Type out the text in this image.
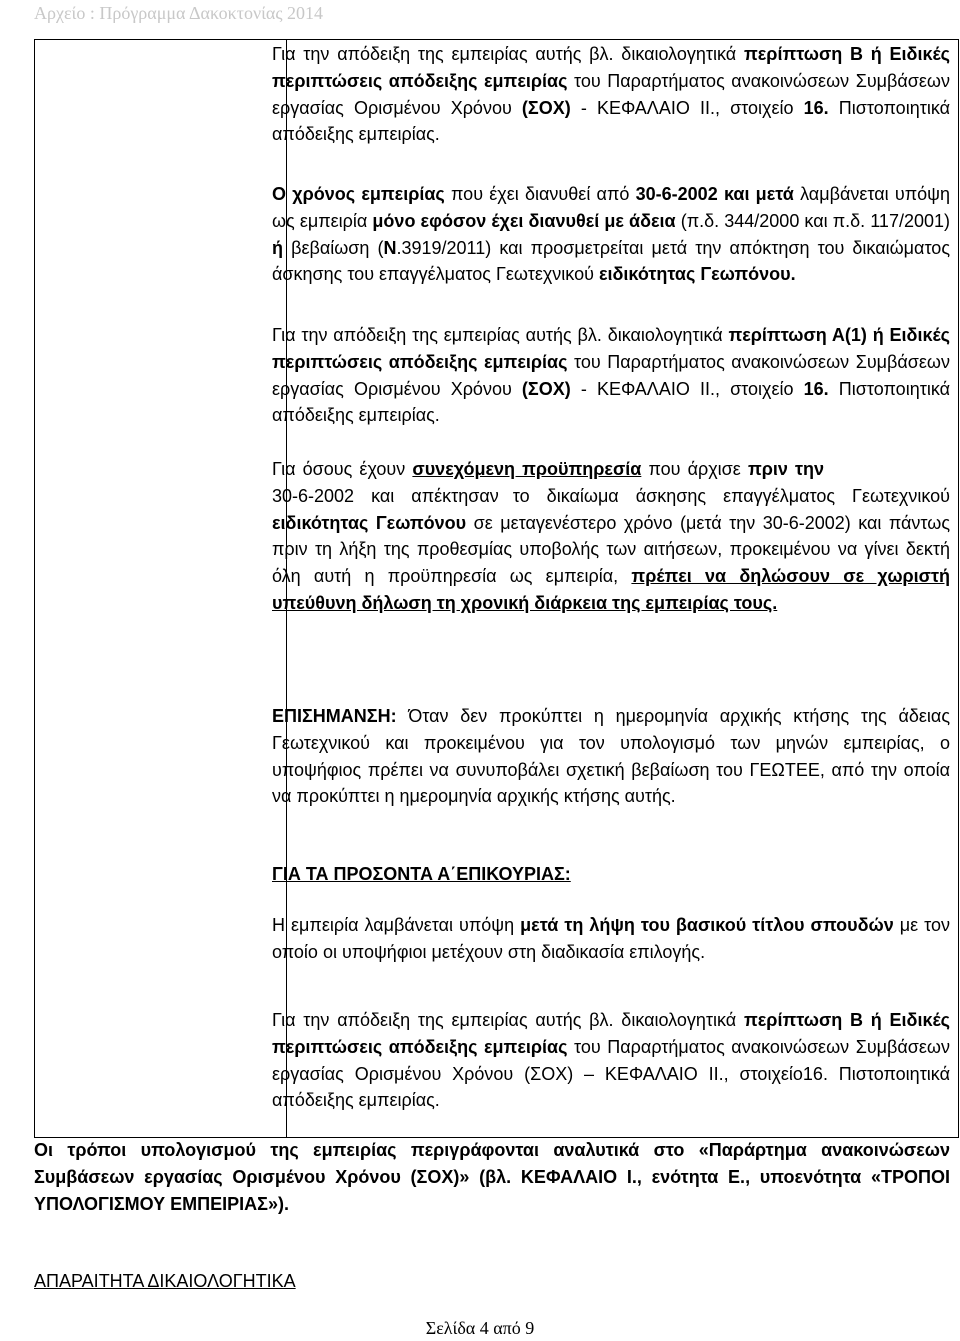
Αρχείο : Πρόγραμμα Δακοκτονίας 2014

Για την απόδειξη της εμπειρίας αυτής βλ. δικαιολογητικά περίπτωση Β ή Ειδικές περιπτώσεις απόδειξης εμπειρίας του Παραρτήματος ανακοινώσεων Συμβάσεων εργασίας Ορισμένου Χρόνου (ΣΟΧ) - ΚΕΦΑΛΑΙΟ ΙΙ., στοιχείο 16. Πιστοποιητικά απόδειξης εμπειρίας.

Ο χρόνος εμπειρίας που έχει διανυθεί από 30-6-2002 και μετά λαμβάνεται υπόψη ως εμπειρία μόνο εφόσον έχει διανυθεί με άδεια (π.δ. 344/2000 και π.δ. 117/2001) ή βεβαίωση (Ν.3919/2011) και προσμετρείται μετά την απόκτηση του δικαιώματος άσκησης του επαγγέλματος Γεωτεχνικού ειδικότητας Γεωπόνου.

Για την απόδειξη της εμπειρίας αυτής βλ. δικαιολογητικά περίπτωση Α(1) ή Ειδικές περιπτώσεις απόδειξης εμπειρίας του Παραρτήματος ανακοινώσεων Συμβάσεων εργασίας Ορισμένου Χρόνου (ΣΟΧ) - ΚΕΦΑΛΑΙΟ ΙΙ., στοιχείο 16. Πιστοποιητικά απόδειξης εμπειρίας.

Για όσους έχουν συνεχόμενη προϋπηρεσία που άρχισε πριν την30-6-2002 και απέκτησαν το δικαίωμα άσκησης επαγγέλματος Γεωτεχνικού ειδικότητας Γεωπόνου σε μεταγενέστερο χρόνο (μετά την 30-6-2002) και πάντως πριν τη λήξη της προθεσμίας υποβολής των αιτήσεων, προκειμένου να γίνει δεκτή όλη αυτή η προϋπηρεσία ως εμπειρία, πρέπει να δηλώσουν σε χωριστή υπεύθυνη δήλωση τη χρονική διάρκεια της εμπειρίας τους.

ΕΠΙΣΗΜΑΝΣΗ: Όταν δεν προκύπτει η ημερομηνία αρχικής κτήσης της άδειας Γεωτεχνικού και προκειμένου για τον υπολογισμό των μηνών εμπειρίας, ο υποψήφιος πρέπει να συνυποβάλει σχετική βεβαίωση του ΓΕΩΤΕΕ, από την οποία να προκύπτει η ημερομηνία αρχικής κτήσης αυτής.

ΓΙΑ ΤΑ ΠΡΟΣΟΝΤΑ Α΄ΕΠΙΚΟΥΡΙΑΣ:

Η εμπειρία λαμβάνεται υπόψη μετά τη λήψη του βασικού τίτλου σπουδών με τον οποίο οι υποψήφιοι μετέχουν στη διαδικασία επιλογής.

Για την απόδειξη της εμπειρίας αυτής βλ. δικαιολογητικά περίπτωση Β ή Ειδικές περιπτώσεις απόδειξης εμπειρίας του Παραρτήματος ανακοινώσεων Συμβάσεων εργασίας Ορισμένου Χρόνου (ΣΟΧ) – ΚΕΦΑΛΑΙΟ ΙΙ., στοιχείο16. Πιστοποιητικά απόδειξης εμπειρίας.

Οι τρόποι υπολογισμού της εμπειρίας περιγράφονται αναλυτικά στο «Παράρτημα ανακοινώσεων Συμβάσεων εργασίας Ορισμένου Χρόνου (ΣΟΧ)» (βλ. ΚΕΦΑΛΑΙΟ Ι., ενότητα Ε., υποενότητα «ΤΡΟΠΟΙ ΥΠΟΛΟΓΙΣΜΟΥ ΕΜΠΕΙΡΙΑΣ»).

ΑΠΑΡΑΙΤΗΤΑ ΔΙΚΑΙΟΛΟΓΗΤΙΚΑ

Σελίδα 4 από 9
